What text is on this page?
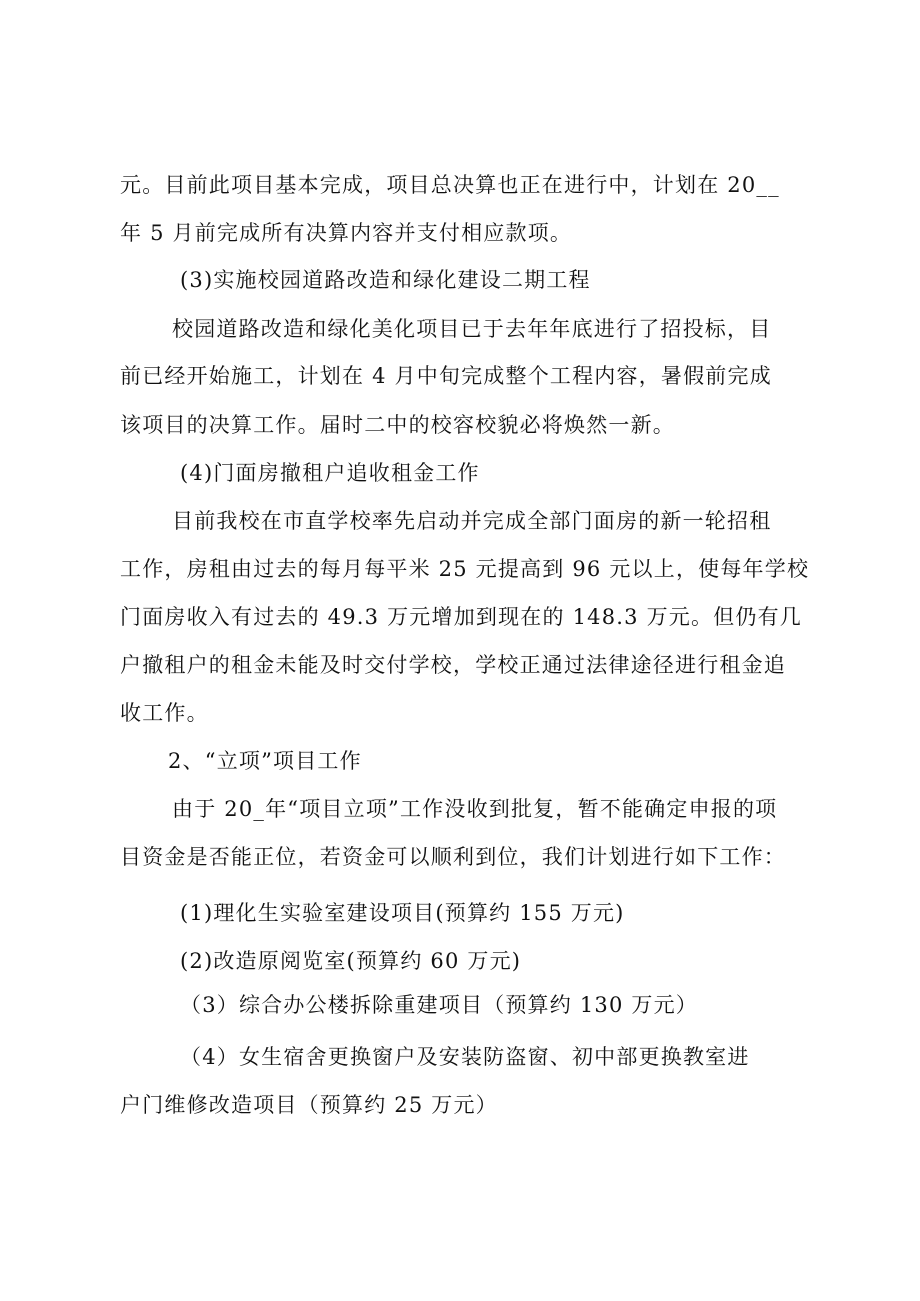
元。目前此项目基本完成，项目总决算也正在进行中，计划在 20__
年 5 月前完成所有决算内容并支付相应款项。
(3)实施校园道路改造和绿化建设二期工程
校园道路改造和绿化美化项目已于去年年底进行了招投标，目
前已经开始施工，计划在 4 月中旬完成整个工程内容，暑假前完成
该项目的决算工作。届时二中的校容校貌必将焕然一新。
(4)门面房撤租户追收租金工作
目前我校在市直学校率先启动并完成全部门面房的新一轮招租
工作，房租由过去的每月每平米 25 元提高到 96 元以上，使每年学校
门面房收入有过去的 49.3 万元增加到现在的 148.3 万元。但仍有几
户撤租户的租金未能及时交付学校，学校正通过法律途径进行租金追
收工作。
2、“立项”项目工作
由于 20_年“项目立项”工作没收到批复，暂不能确定申报的项
目资金是否能正位，若资金可以顺利到位，我们计划进行如下工作：
(1)理化生实验室建设项目(预算约 155 万元)
(2)改造原阅览室(预算约 60 万元)
（3）综合办公楼拆除重建项目（预算约 130 万元）
（4）女生宿舍更换窗户及安装防盗窗、初中部更换教室进
户门维修改造项目（预算约 25 万元）
